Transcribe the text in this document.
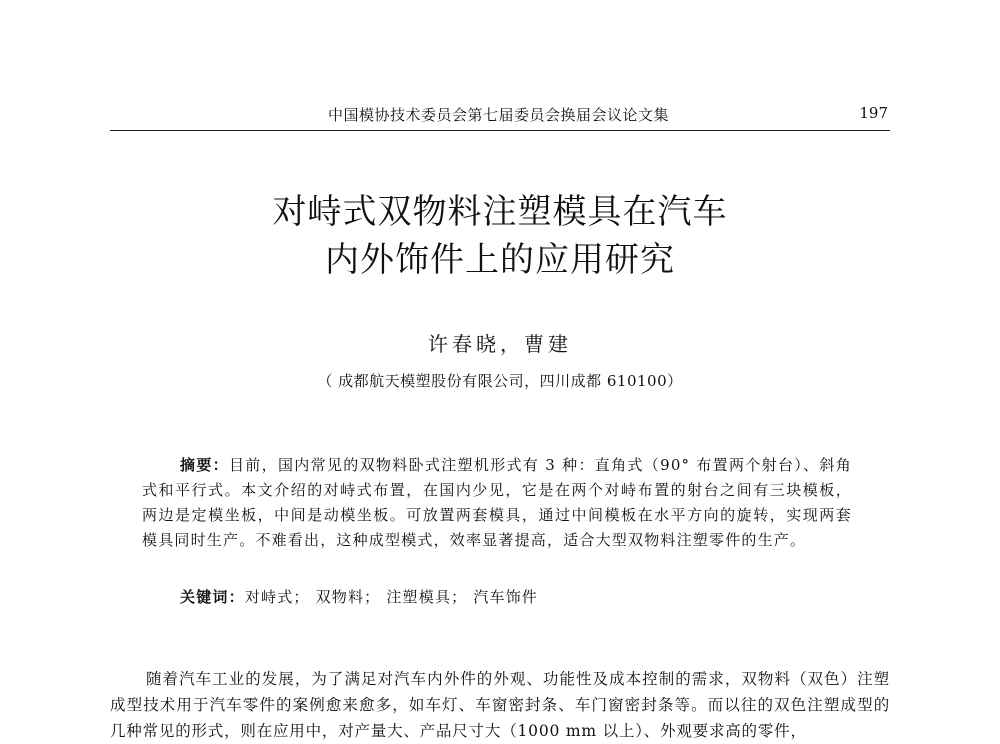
中国模协技术委员会第七届委员会换届会议论文集	197
对峙式双物料注塑模具在汽车
内外饰件上的应用研究
许春晓，曹建
（ 成都航天模塑股份有限公司，四川成都 610100）

摘要：目前，国内常见的双物料卧式注塑机形式有 3 种：直角式（90° 布置两个射台）、斜角式和平行式。本文介绍的对峙式布置，在国内少见，它是在两个对峙布置的射台之间有三块模板，两边是定模坐板，中间是动模坐板。可放置两套模具，通过中间模板在水平方向的旋转，实现两套模具同时生产。不难看出，这种成型模式，效率显著提高，适合大型双物料注塑零件的生产。

关键词：对峙式； 双物料； 注塑模具； 汽车饰件

随着汽车工业的发展，为了满足对汽车内外件的外观、功能性及成本控制的需求，双物料（双色）注塑成型技术用于汽车零件的案例愈来愈多，如车灯、车窗密封条、车门窗密封条等。而以往的双色注塑成型的几种常见的形式，则在应用中，对产量大、产品尺寸大（1000 mm 以上）、外观要求高的零件，
